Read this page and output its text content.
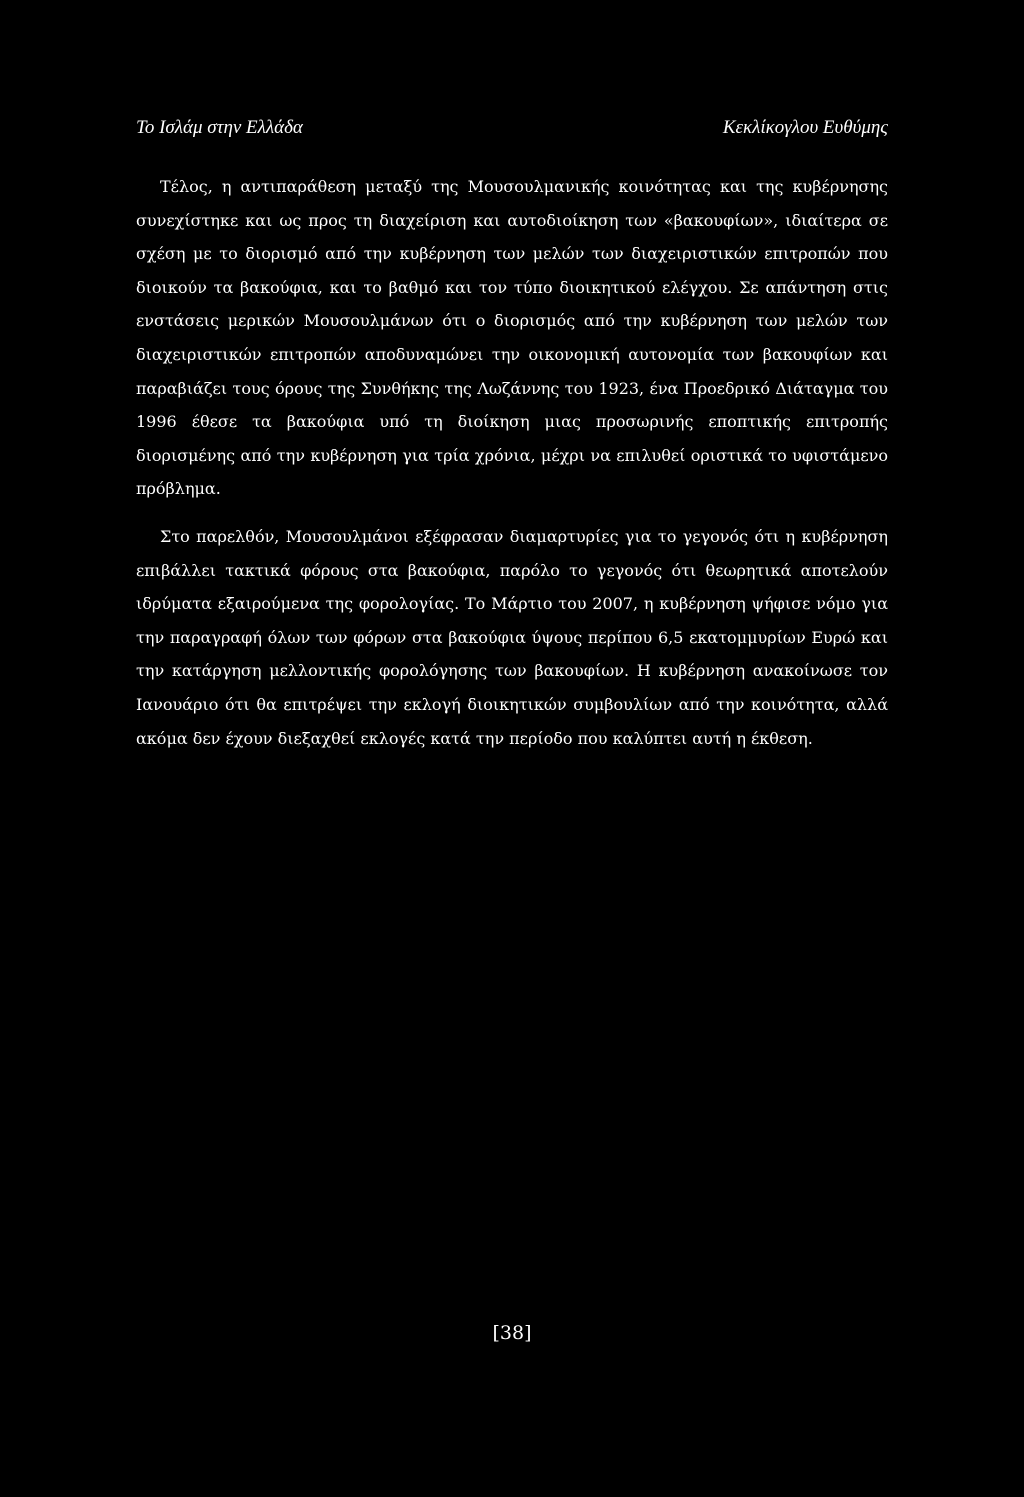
Το Ισλάμ στην Ελλάδα	Κεκλίκογλου Ευθύμης

Τέλος, η αντιπαράθεση μεταξύ της Μουσουλμανικής κοινότητας και της κυβέρνησης συνεχίστηκε και ως προς τη διαχείριση και αυτοδιοίκηση των «βακουφίων», ιδιαίτερα σε σχέση με το διορισμό από την κυβέρνηση των μελών των διαχειριστικών επιτροπών που διοικούν τα βακούφια, και το βαθμό και τον τύπο διοικητικού ελέγχου. Σε απάντηση στις ενστάσεις μερικών Μουσουλμάνων ότι ο διορισμός από την κυβέρνηση των μελών των διαχειριστικών επιτροπών αποδυναμώνει την οικονομική αυτονομία των βακουφίων και παραβιάζει τους όρους της Συνθήκης της Λωζάννης του 1923, ένα Προεδρικό Διάταγμα του 1996 έθεσε τα βακούφια υπό τη διοίκηση μιας προσωρινής εποπτικής επιτροπής διορισμένης από την κυβέρνηση για τρία χρόνια, μέχρι να επιλυθεί οριστικά το υφιστάμενο πρόβλημα.

Στο παρελθόν, Μουσουλμάνοι εξέφρασαν διαμαρτυρίες για το γεγονός ότι η κυβέρνηση επιβάλλει τακτικά φόρους στα βακούφια, παρόλο το γεγονός ότι θεωρητικά αποτελούν ιδρύματα εξαιρούμενα της φορολογίας. Το Μάρτιο του 2007, η κυβέρνηση ψήφισε νόμο για την παραγραφή όλων των φόρων στα βακούφια ύψους περίπου 6,5 εκατομμυρίων Ευρώ και την κατάργηση μελλοντικής φορολόγησης των βακουφίων. Η κυβέρνηση ανακοίνωσε τον Ιανουάριο ότι θα επιτρέψει την εκλογή διοικητικών συμβουλίων από την κοινότητα, αλλά ακόμα δεν έχουν διεξαχθεί εκλογές κατά την περίοδο που καλύπτει αυτή η έκθεση.

[38]
